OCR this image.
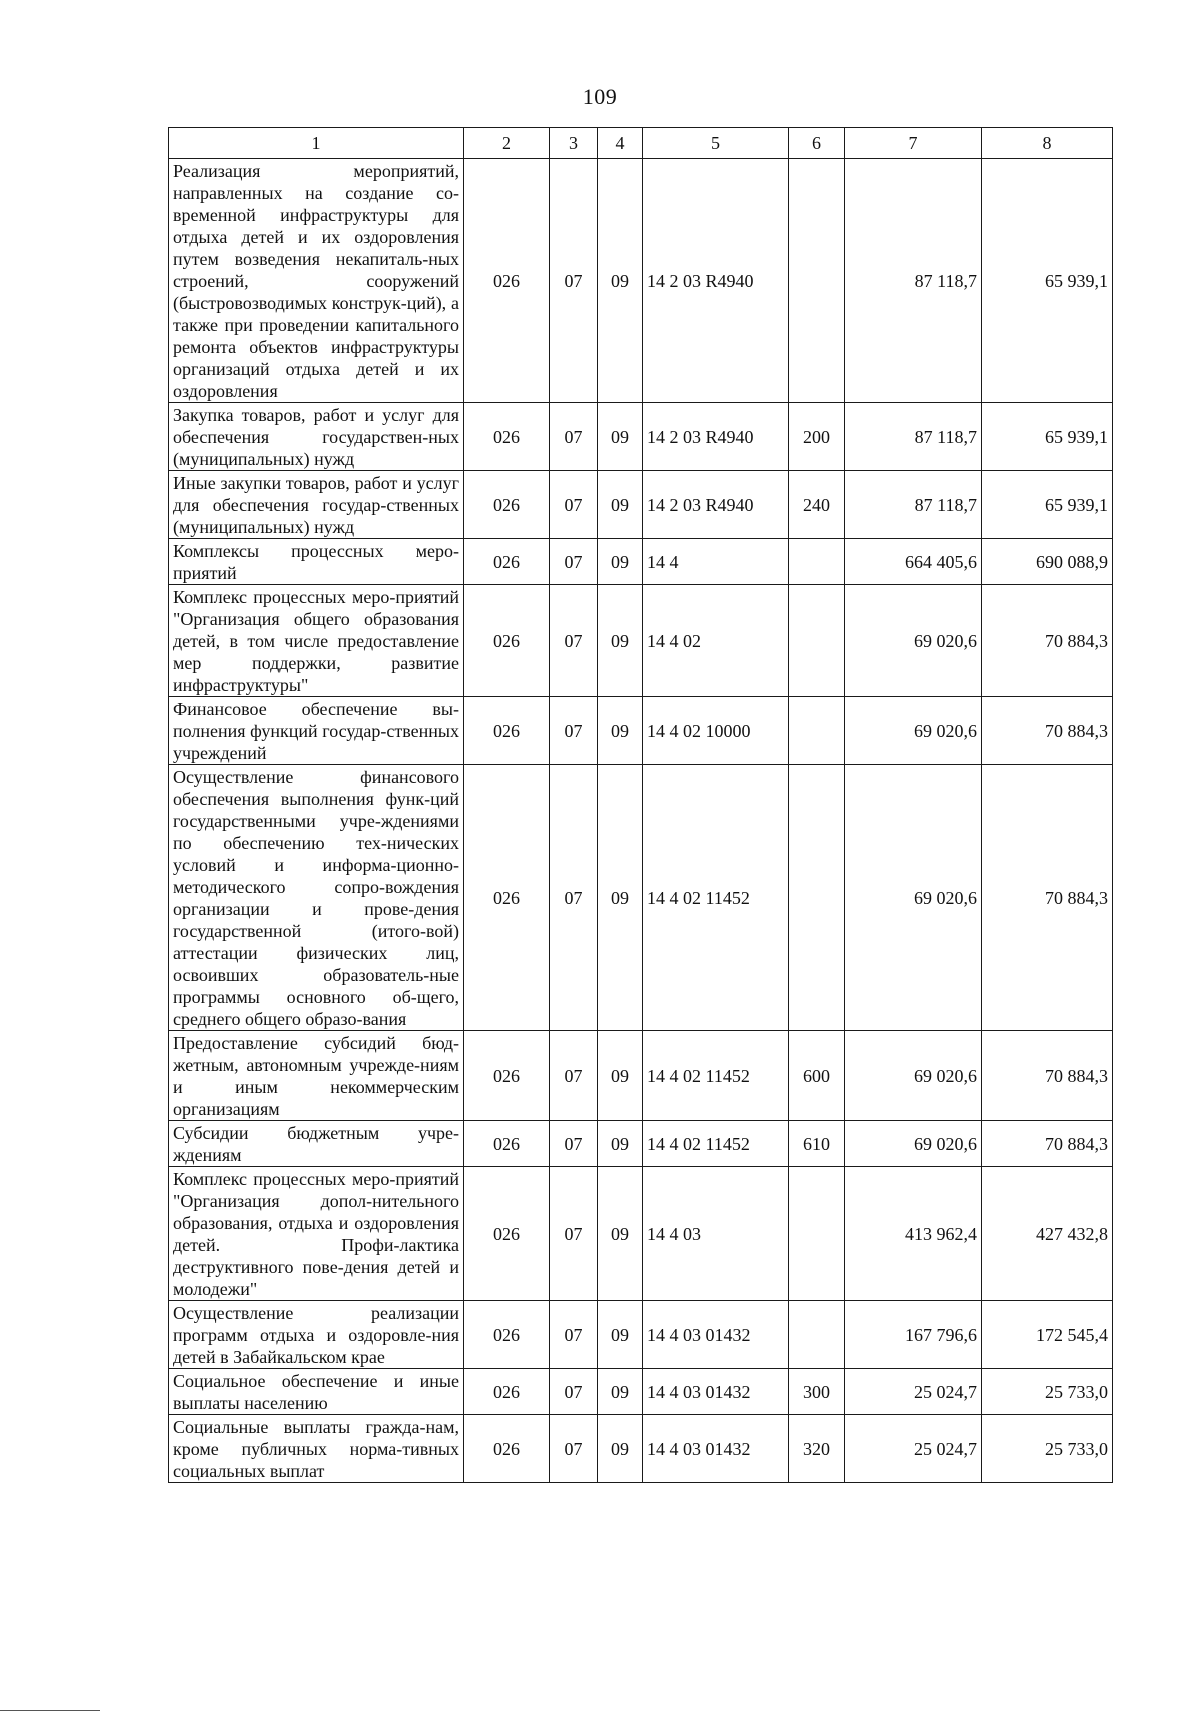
109
1	2	3	4	5	6	7	8
Реализация мероприятий, направленных на создание со-временной инфраструктуры для отдыха детей и их оздоровления путем возведения некапиталь-ных строений, сооружений (быстровозводимых конструк-ций), а также при проведении капитального ремонта объектов инфраструктуры организаций отдыха детей и их оздоровления	026	07	09	14 2 03 R4940		87 118,7	65 939,1
Закупка товаров, работ и услуг для обеспечения государствен-ных (муниципальных) нужд	026	07	09	14 2 03 R4940	200	87 118,7	65 939,1
Иные закупки товаров, работ и услуг для обеспечения государ-ственных (муниципальных) нужд	026	07	09	14 2 03 R4940	240	87 118,7	65 939,1
Комплексы процессных меро-приятий	026	07	09	14 4		664 405,6	690 088,9
Комплекс процессных меро-приятий "Организация общего образования детей, в том числе предоставление мер поддержки, развитие инфраструктуры"	026	07	09	14 4 02		69 020,6	70 884,3
Финансовое обеспечение вы-полнения функций государ-ственных учреждений	026	07	09	14 4 02 10000		69 020,6	70 884,3
Осуществление финансового обеспечения выполнения функ-ций государственными учре-ждениями по обеспечению тех-нических условий и информа-ционно-методического сопро-вождения организации и прове-дения государственной (итого-вой) аттестации физических лиц, освоивших образователь-ные программы основного об-щего, среднего общего образо-вания	026	07	09	14 4 02 11452		69 020,6	70 884,3
Предоставление субсидий бюд-жетным, автономным учрежде-ниям и иным некоммерческим организациям	026	07	09	14 4 02 11452	600	69 020,6	70 884,3
Субсидии бюджетным учре-ждениям	026	07	09	14 4 02 11452	610	69 020,6	70 884,3
Комплекс процессных меро-приятий "Организация допол-нительного образования, отдыха и оздоровления детей. Профи-лактика деструктивного пове-дения детей и молодежи"	026	07	09	14 4 03		413 962,4	427 432,8
Осуществление реализации программ отдыха и оздоровле-ния детей в Забайкальском крае	026	07	09	14 4 03 01432		167 796,6	172 545,4
Социальное обеспечение и иные выплаты населению	026	07	09	14 4 03 01432	300	25 024,7	25 733,0
Социальные выплаты гражда-нам, кроме публичных норма-тивных социальных выплат	026	07	09	14 4 03 01432	320	25 024,7	25 733,0
